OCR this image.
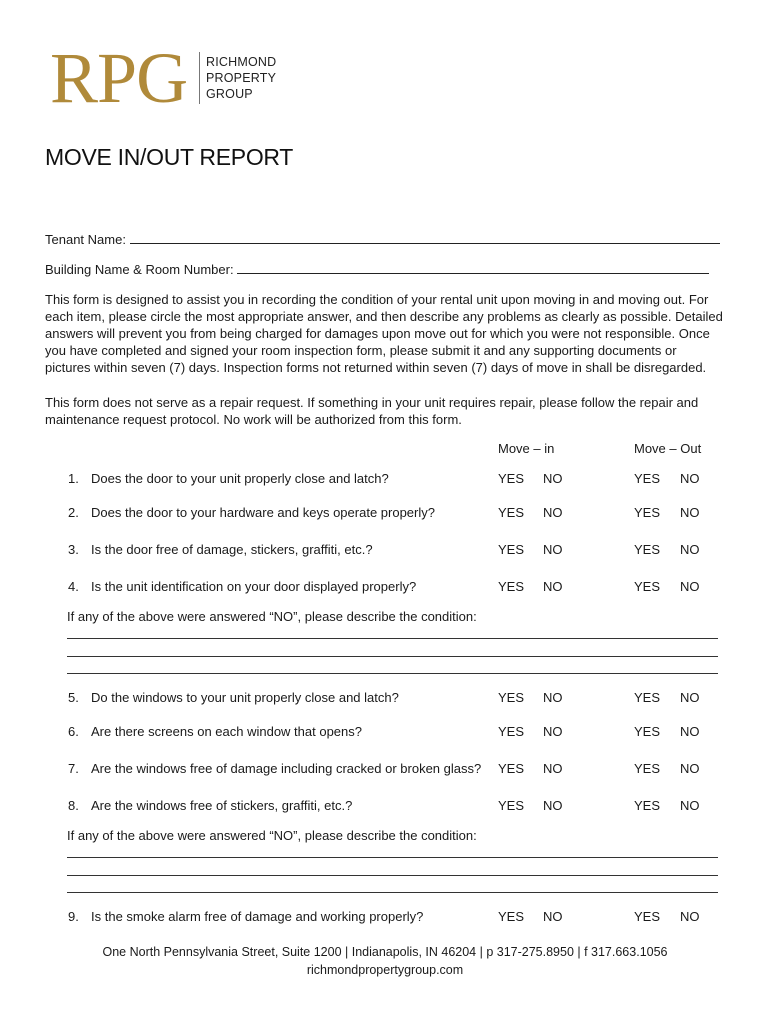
RPG RICHMOND
PROPERTY
GROUP
MOVE IN/OUT REPORT
Tenant Name:
Building Name & Room Number:
This form is designed to assist you in recording the condition of your rental unit upon moving in and moving out. For each item, please circle the most appropriate answer, and then describe any problems as clearly as possible. Detailed answers will prevent you from being charged for damages upon move out for which you were not responsible. Once you have completed and signed your room inspection form, please submit it and any supporting documents or pictures within seven (7) days. Inspection forms not returned within seven (7) days of move in shall be disregarded.
This form does not serve as a repair request. If something in your unit requires repair, please follow the repair and maintenance request protocol. No work will be authorized from this form.
Move – in	Move – Out
1. Does the door to your unit properly close and latch?	YES NO	YES NO
2. Does the door to your hardware and keys operate properly?	YES NO	YES NO
3. Is the door free of damage, stickers, graffiti, etc.?	YES NO	YES NO
4. Is the unit identification on your door displayed properly?	YES NO	YES NO
5. Do the windows to your unit properly close and latch?	YES NO	YES NO
6. Are there screens on each window that opens?	YES NO	YES NO
7. Are the windows free of damage including cracked or broken glass? YES NO	YES NO
8. Are the windows free of stickers, graffiti, etc.?	YES NO	YES NO
9. Is the smoke alarm free of damage and working properly?	YES NO	YES NO
If any of the above were answered “NO”, please describe the condition:
If any of the above were answered “NO”, please describe the condition:
One North Pennsylvania Street, Suite 1200 | Indianapolis, IN 46204 | p 317-275.8950 | f 317.663.1056
richmondpropertygroup.com
